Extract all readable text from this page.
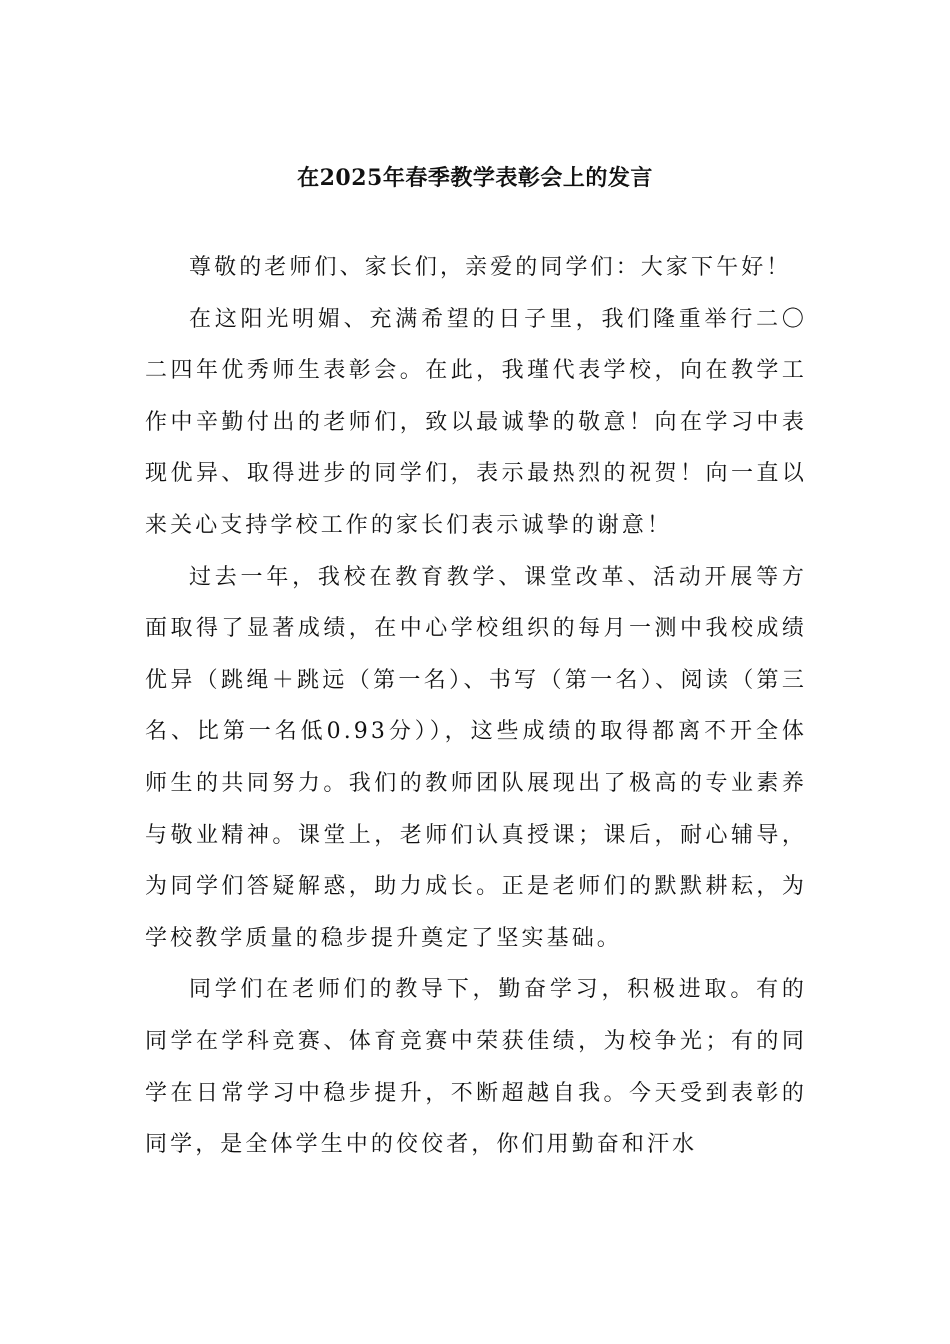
在2025年春季教学表彰会上的发言

尊敬的老师们、家长们，亲爱的同学们：大家下午好！

在这阳光明媚、充满希望的日子里，我们隆重举行二〇二四年优秀师生表彰会。在此，我瑾代表学校，向在教学工作中辛勤付出的老师们，致以最诚挚的敬意！向在学习中表现优异、取得进步的同学们，表示最热烈的祝贺！向一直以来关心支持学校工作的家长们表示诚挚的谢意！

过去一年，我校在教育教学、课堂改革、活动开展等方面取得了显著成绩，在中心学校组织的每月一测中我校成绩优异（跳绳＋跳远（第一名）、书写（第一名）、阅读（第三名、比第一名低0.93分）），这些成绩的取得都离不开全体师生的共同努力。我们的教师团队展现出了极高的专业素养与敬业精神。课堂上，老师们认真授课；课后，耐心辅导，为同学们答疑解惑，助力成长。正是老师们的默默耕耘，为学校教学质量的稳步提升奠定了坚实基础。

同学们在老师们的教导下，勤奋学习，积极进取。有的同学在学科竞赛、体育竞赛中荣获佳绩，为校争光；有的同学在日常学习中稳步提升，不断超越自我。今天受到表彰的同学，是全体学生中的佼佼者，你们用勤奋和汗水
